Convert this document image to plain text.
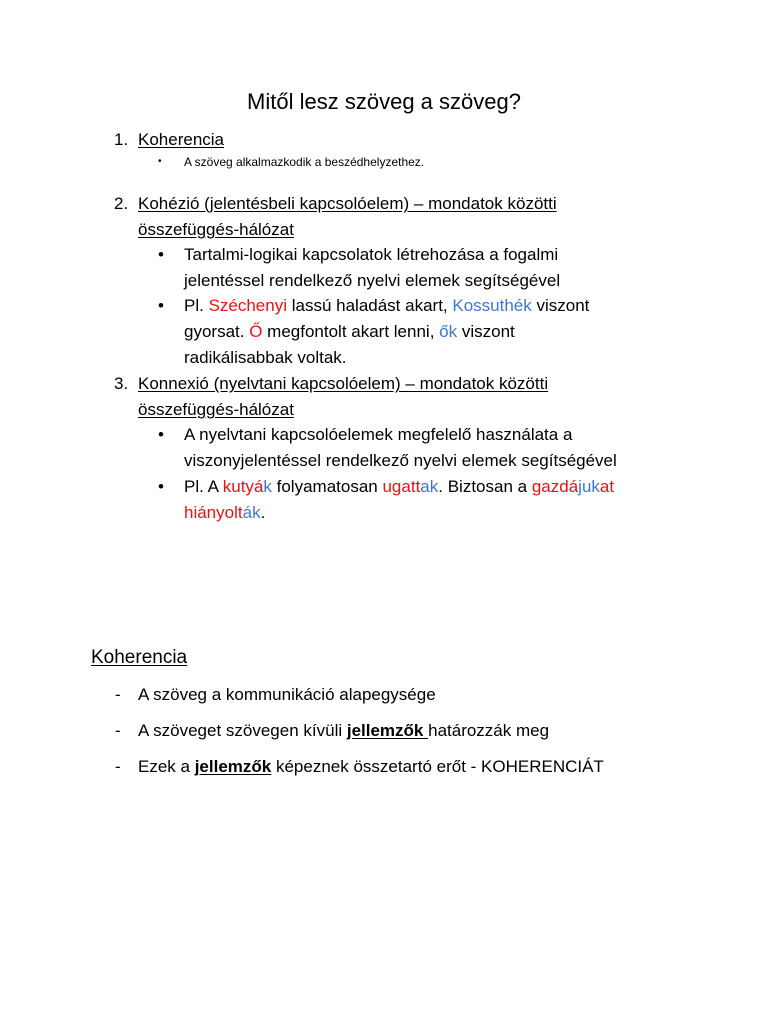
Mitől lesz szöveg a szöveg?
1. Koherencia
• A szöveg alkalmazkodik a beszédhelyzethez.
2. Kohézió (jelentésbeli kapcsolóelem) – mondatok közötti
összefüggés-hálózat
• Tartalmi-logikai kapcsolatok létrehozása a fogalmi
jelentéssel rendelkező nyelvi elemek segítségével
• Pl. Széchenyi lassú haladást akart, Kossuthék viszont
gyorsat. Ő megfontolt akart lenni, ők viszont
radikálisabbak voltak.
3. Konnexió (nyelvtani kapcsolóelem) – mondatok közötti
összefüggés-hálózat
• A nyelvtani kapcsolóelemek megfelelő használata a
viszonyjelentéssel rendelkező nyelvi elemek segítségével
• Pl. A kutyák folyamatosan ugattak. Biztosan a gazdájukat
hiányolták.
Koherencia
- A szöveg a kommunikáció alapegysége
- A szöveget szövegen kívüli jellemzők határozzák meg
- Ezek a jellemzők képeznek összetartó erőt - KOHERENCIÁT
